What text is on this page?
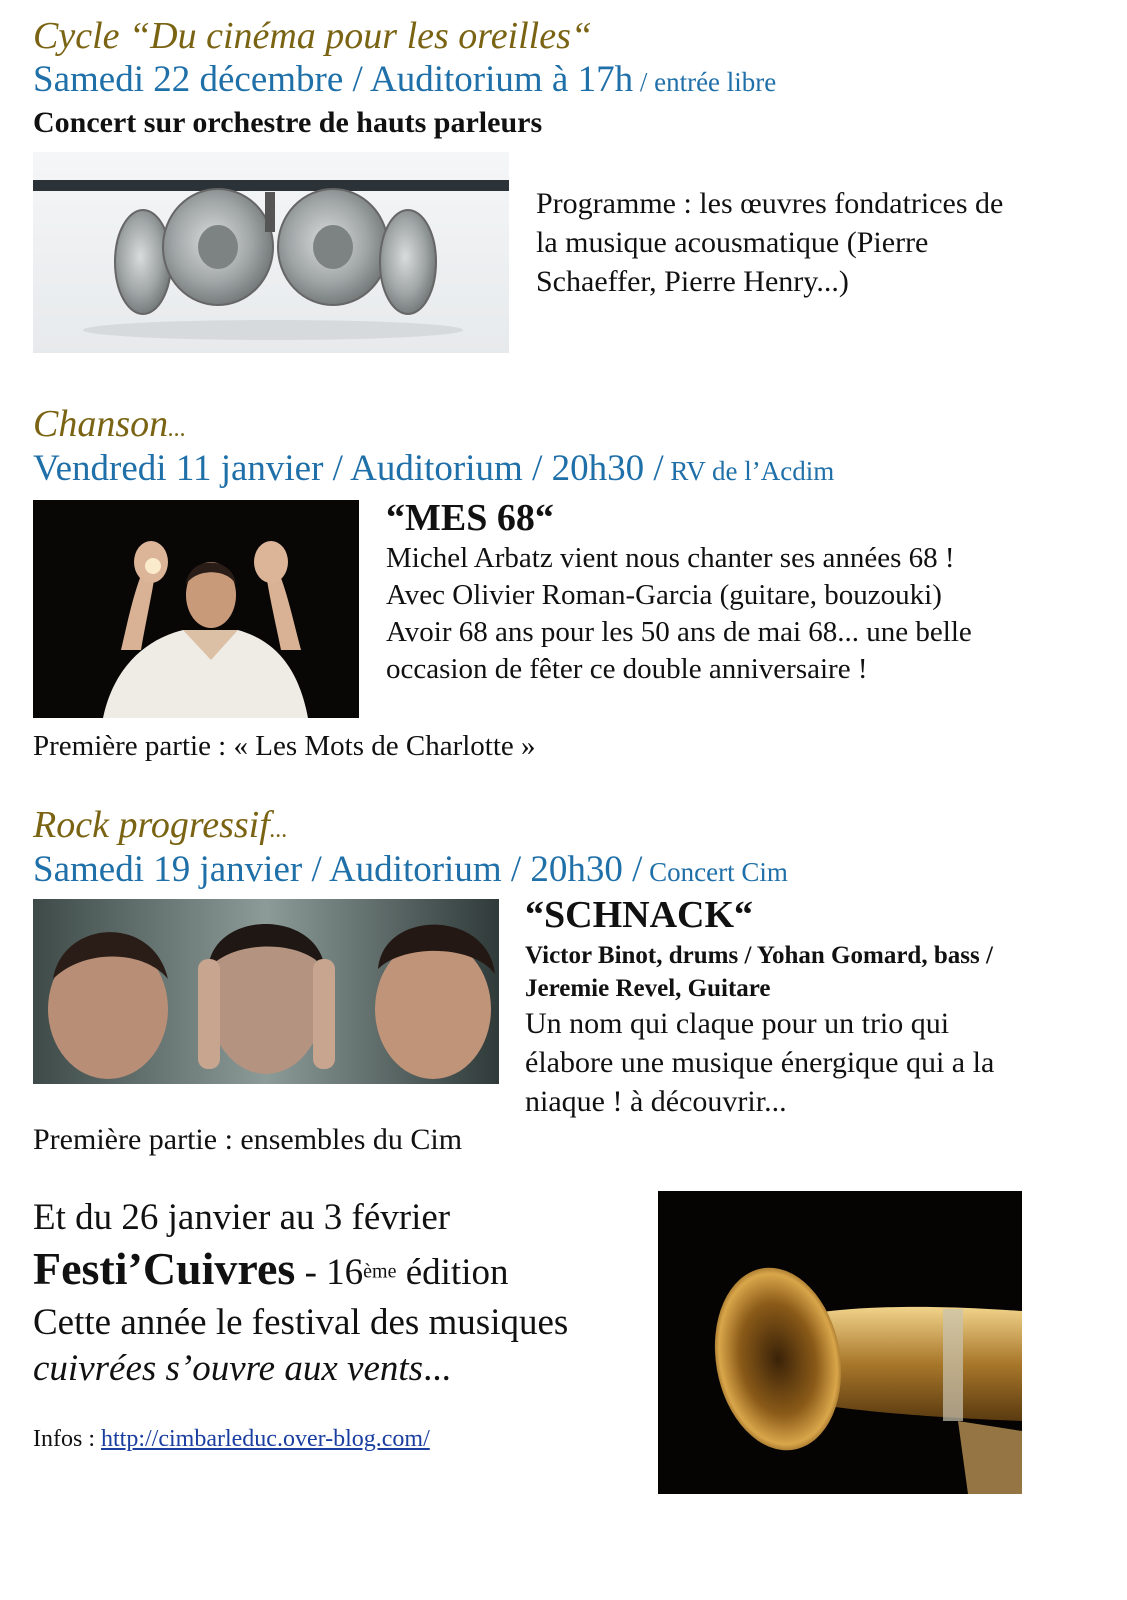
Cycle “Du cinéma pour les oreilles“
Samedi 22 décembre / Auditorium à 17h / entrée libre
Concert sur orchestre de hauts parleurs
Programme : les œuvres fondatrices de
la musique acousmatique (Pierre
Schaeffer, Pierre Henry...)
Chanson...
Vendredi 11 janvier / Auditorium / 20h30 / RV de l’Acdim
“MES 68“
Michel Arbatz vient nous chanter ses années 68 !
Avec Olivier Roman-Garcia (guitare, bouzouki)
Avoir 68 ans pour les 50 ans de mai 68... une belle
occasion de fêter ce double anniversaire !
Première partie : « Les Mots de Charlotte »
Rock progressif...
Samedi 19 janvier / Auditorium / 20h30 / Concert Cim
“SCHNACK“
Victor Binot, drums / Yohan Gomard, bass /
Jeremie Revel, Guitare
Un nom qui claque pour un trio qui
élabore une musique énergique qui a la
niaque ! à découvrir...
Première partie : ensembles du Cim
Et du 26 janvier au 3 février
Festi’Cuivres - 16ème édition
Cette année le festival des musiques
cuivrées s’ouvre aux vents...
Infos : http://cimbarleduc.over-blog.com/
